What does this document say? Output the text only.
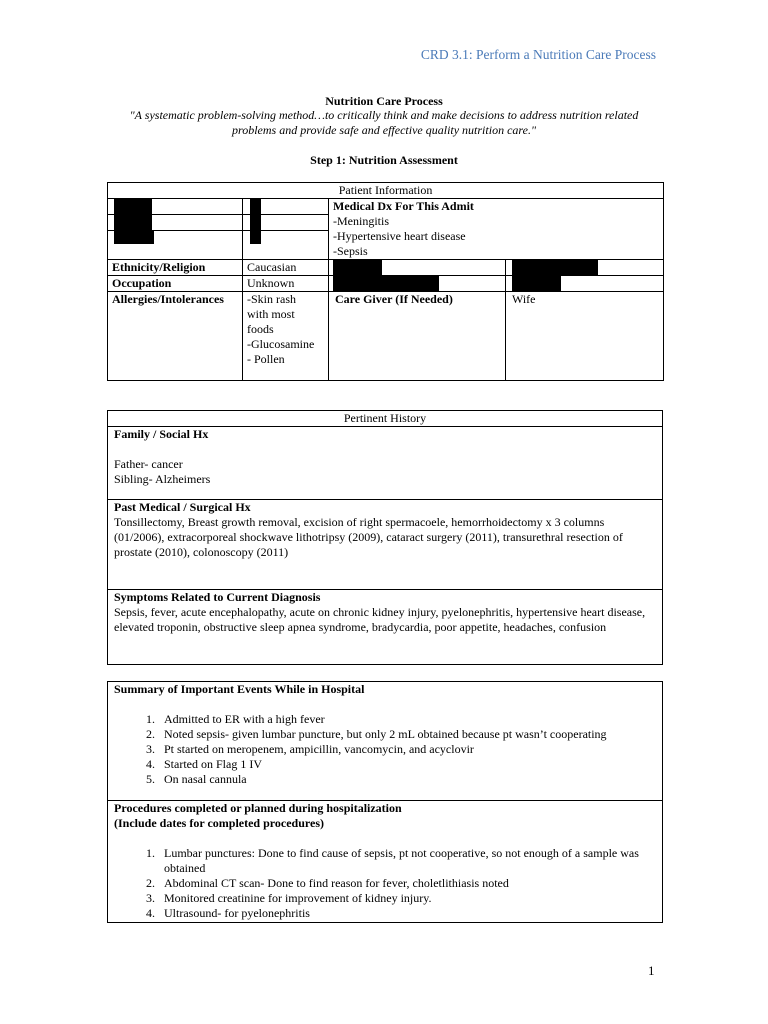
CRD 3.1: Perform a Nutrition Care Process
Nutrition Care Process
"A systematic problem-solving method…to critically think and make decisions to address nutrition related
problems and provide safe and effective quality nutrition care."
Step 1: Nutrition Assessment
Patient Information			

		Medical Dx For This Admit
-Meningitis
-Hypertensive heart disease
-Sepsis	

Ethnicity/Religion	Caucasian	

Occupation	Unknown	

Allergies/Intolerances	-Skin rash
with most
foods
-Glucosamine
- Pollen	Care Giver (If Needed)	Wife
Pertinent History

Family / Social Hx
Father- cancer
Sibling- Alzheimers

Past Medical / Surgical Hx
Tonsillectomy, Breast growth removal, excision of right spermacoele, hemorrhoidectomy x 3 columns (01/2006), extracorporeal shockwave lithotripsy (2009), cataract surgery (2011), transurethral resection of prostate (2010), colonoscopy (2011)

Symptoms Related to Current Diagnosis
Sepsis, fever, acute encephalopathy, acute on chronic kidney injury, pyelonephritis, hypertensive heart disease, elevated troponin, obstructive sleep apnea syndrome, bradycardia, poor appetite, headaches, confusion
Summary of Important Events While in Hospital
1. Admitted to ER with a high fever
2. Noted sepsis- given lumbar puncture, but only 2 mL obtained because pt wasn’t cooperating
3. Pt started on meropenem, ampicillin, vancomycin, and acyclovir
4. Started on Flag 1 IV
5. On nasal cannula

Procedures completed or planned during hospitalization
(Include dates for completed procedures)
1. Lumbar punctures: Done to find cause of sepsis, pt not cooperative, so not enough of a sample was obtained
2. Abdominal CT scan- Done to find reason for fever, choletlithiasis noted
3. Monitored creatinine for improvement of kidney injury.
4. Ultrasound- for pyelonephritis
1
